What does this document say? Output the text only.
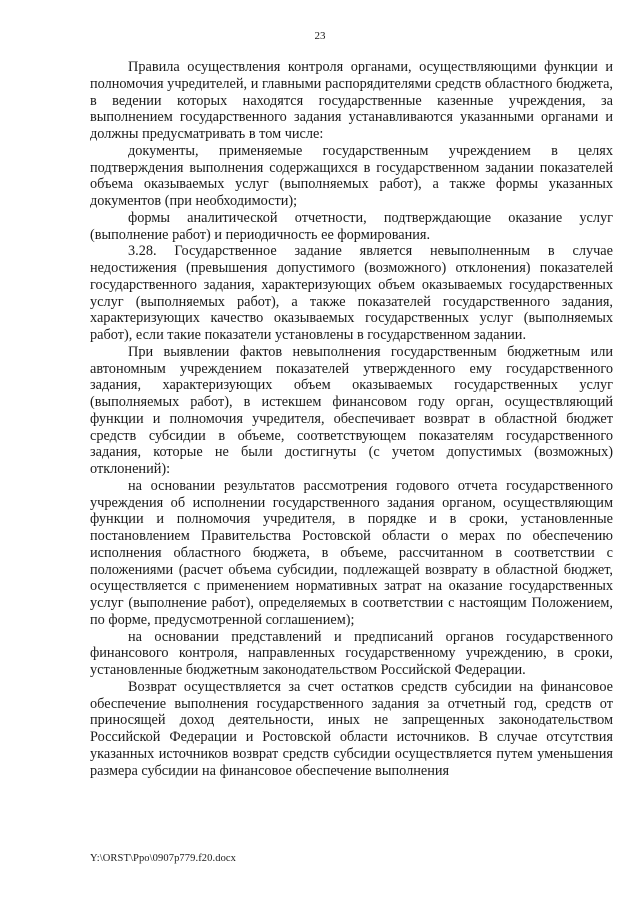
23

Правила осуществления контроля органами, осуществляющими функции и полномочия учредителей, и главными распорядителями средств областного бюджета, в ведении которых находятся государственные казенные учреждения, за выполнением государственного задания устанавливаются указанными органами и должны предусматривать в том числе:

документы, применяемые государственным учреждением в целях подтверждения выполнения содержащихся в государственном задании показателей объема оказываемых услуг (выполняемых работ), а также формы указанных документов (при необходимости);

формы аналитической отчетности, подтверждающие оказание услуг (выполнение работ) и периодичность ее формирования.

3.28. Государственное задание является невыполненным в случае недостижения (превышения допустимого (возможного) отклонения) показателей государственного задания, характеризующих объем оказываемых государственных услуг (выполняемых работ), а также показателей государственного задания, характеризующих качество оказываемых государственных услуг (выполняемых работ), если такие показатели установлены в государственном задании.

При выявлении фактов невыполнения государственным бюджетным или автономным учреждением показателей утвержденного ему государственного задания, характеризующих объем оказываемых государственных услуг (выполняемых работ), в истекшем финансовом году орган, осуществляющий функции и полномочия учредителя, обеспечивает возврат в областной бюджет средств субсидии в объеме, соответствующем показателям государственного задания, которые не были достигнуты (с учетом допустимых (возможных) отклонений):

на основании результатов рассмотрения годового отчета государственного учреждения об исполнении государственного задания органом, осуществляющим функции и полномочия учредителя, в порядке и в сроки, установленные постановлением Правительства Ростовской области о мерах по обеспечению исполнения областного бюджета, в объеме, рассчитанном в соответствии с положениями (расчет объема субсидии, подлежащей возврату в областной бюджет, осуществляется с применением нормативных затрат на оказание государственных услуг (выполнение работ), определяемых в соответствии с настоящим Положением, по форме, предусмотренной соглашением);

на основании представлений и предписаний органов государственного финансового контроля, направленных государственному учреждению, в сроки, установленные бюджетным законодательством Российской Федерации.

Возврат осуществляется за счет остатков средств субсидии на финансовое обеспечение выполнения государственного задания за отчетный год, средств от приносящей доход деятельности, иных не запрещенных законодательством Российской Федерации и Ростовской области источников. В случае отсутствия указанных источников возврат средств субсидии осуществляется путем уменьшения размера субсидии на финансовое обеспечение выполнения

Y:\ORST\Ppo\0907p779.f20.docx
